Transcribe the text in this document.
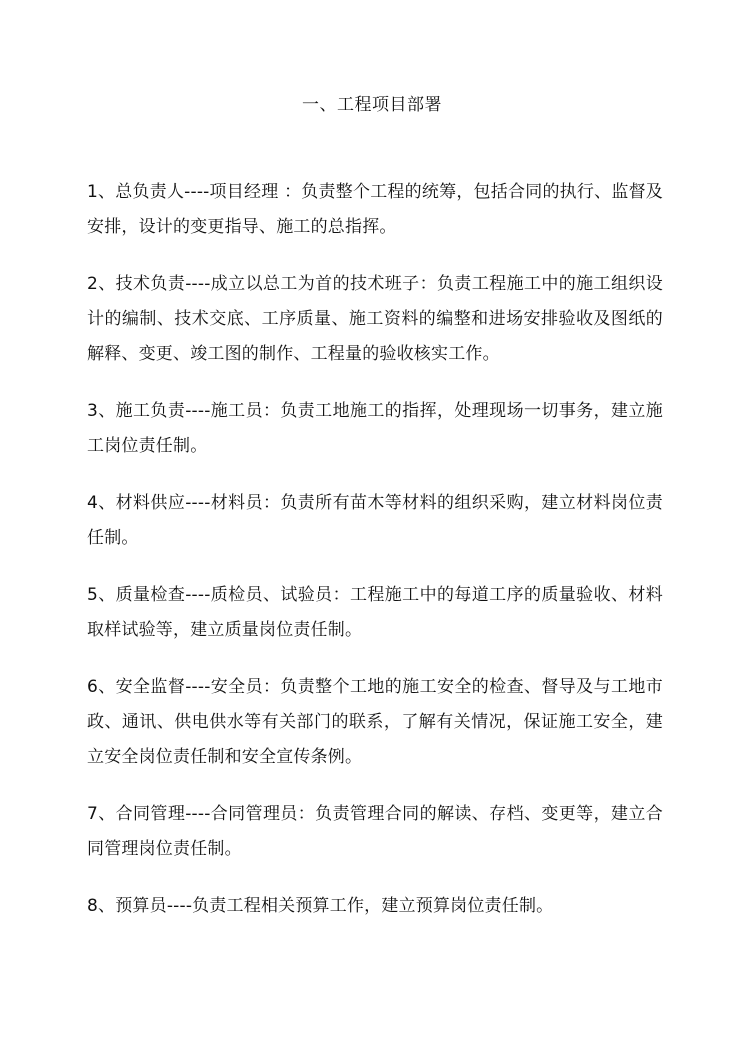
一、工程项目部署

1、总负责人----项目经理 ：负责整个工程的统筹，包括合同的执行、监督及安排，设计的变更指导、施工的总指挥。

2、技术负责----成立以总工为首的技术班子：负责工程施工中的施工组织设计的编制、技术交底、工序质量、施工资料的编整和进场安排验收及图纸的解释、变更、竣工图的制作、工程量的验收核实工作。

3、施工负责----施工员：负责工地施工的指挥，处理现场一切事务，建立施工岗位责任制。

4、材料供应----材料员：负责所有苗木等材料的组织采购，建立材料岗位责任制。

5、质量检查----质检员、试验员：工程施工中的每道工序的质量验收、材料取样试验等，建立质量岗位责任制。

6、安全监督----安全员：负责整个工地的施工安全的检查、督导及与工地市政、通讯、供电供水等有关部门的联系，了解有关情况，保证施工安全，建立安全岗位责任制和安全宣传条例。

7、合同管理----合同管理员：负责管理合同的解读、存档、变更等，建立合同管理岗位责任制。

8、预算员----负责工程相关预算工作，建立预算岗位责任制。
